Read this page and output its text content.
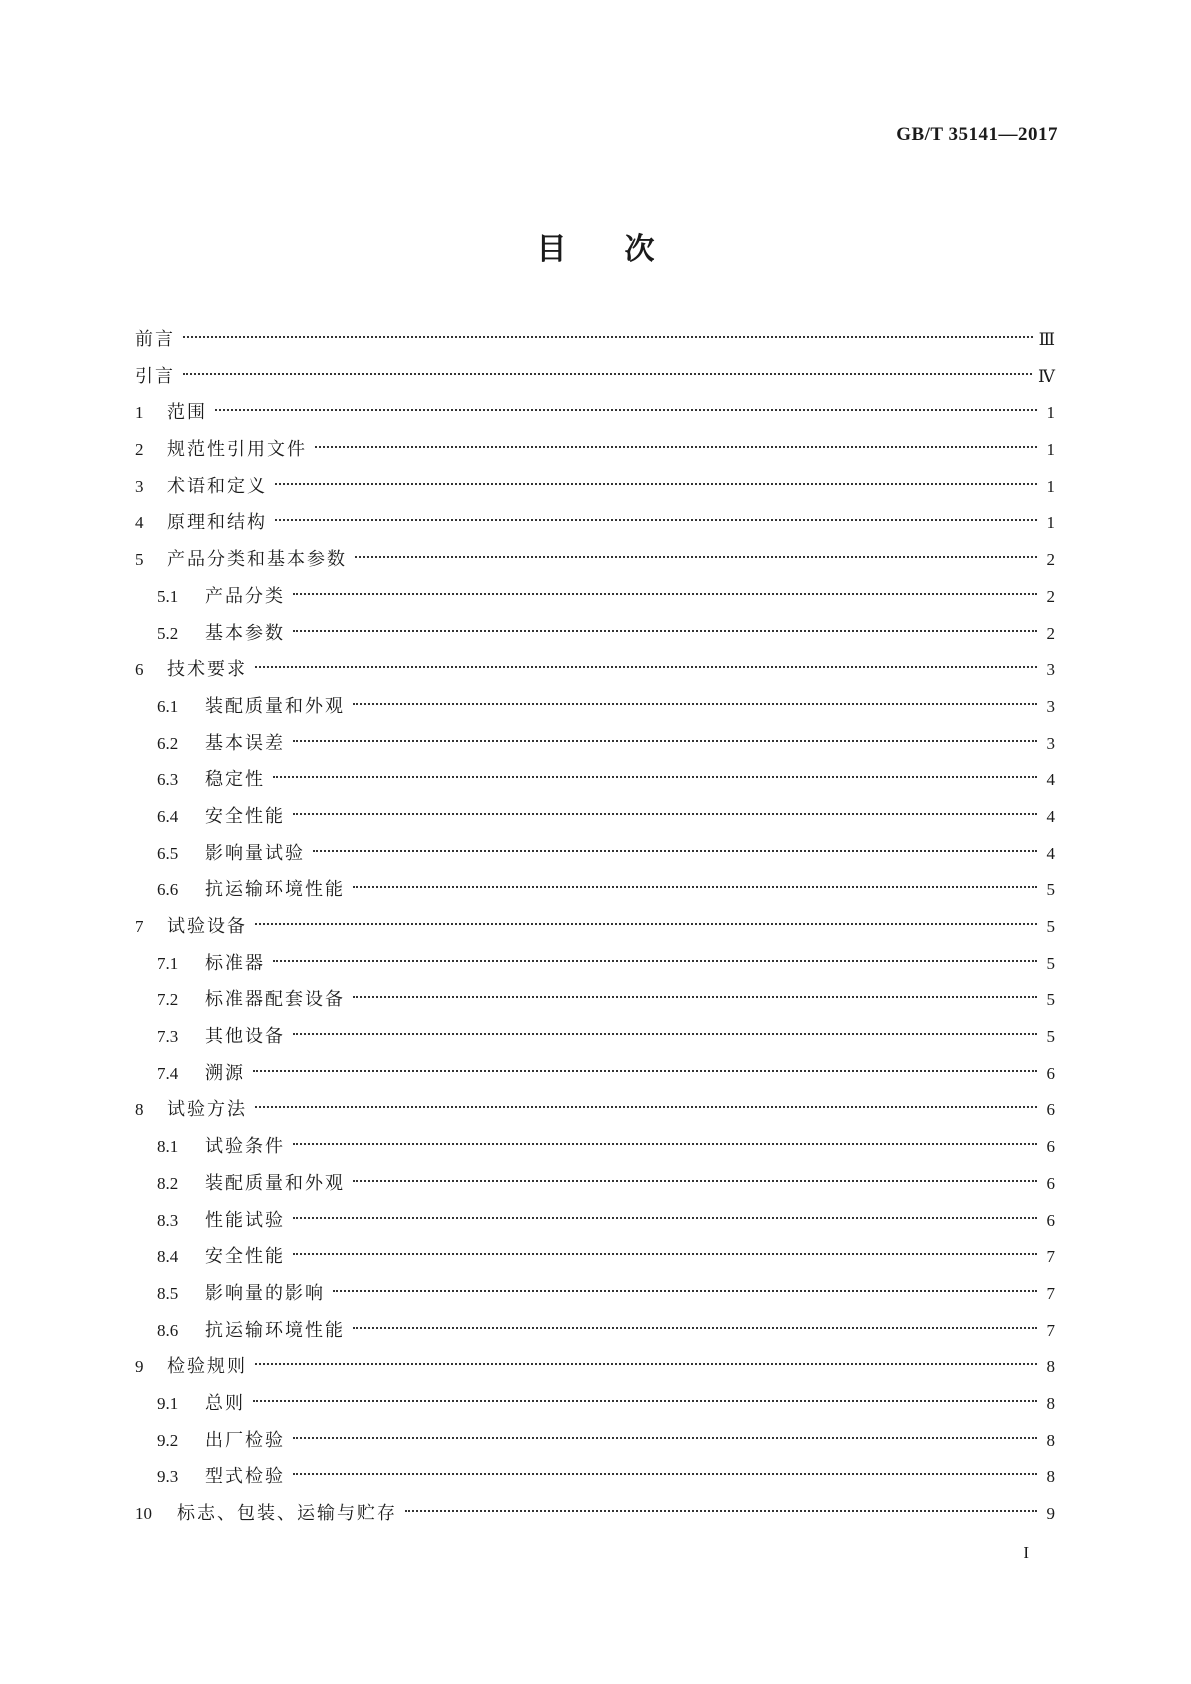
GB/T 35141—2017
目次
前言	Ⅲ
引言	Ⅳ
1	范围	1
2	规范性引用文件	1
3	术语和定义	1
4	原理和结构	1
5	产品分类和基本参数	2
5.1	产品分类	2
5.2	基本参数	2
6	技术要求	3
6.1	装配质量和外观	3
6.2	基本误差	3
6.3	稳定性	4
6.4	安全性能	4
6.5	影响量试验	4
6.6	抗运输环境性能	5
7	试验设备	5
7.1	标准器	5
7.2	标准器配套设备	5
7.3	其他设备	5
7.4	溯源	6
8	试验方法	6
8.1	试验条件	6
8.2	装配质量和外观	6
8.3	性能试验	6
8.4	安全性能	7
8.5	影响量的影响	7
8.6	抗运输环境性能	7
9	检验规则	8
9.1	总则	8
9.2	出厂检验	8
9.3	型式检验	8
10	标志、包装、运输与贮存	9
I
